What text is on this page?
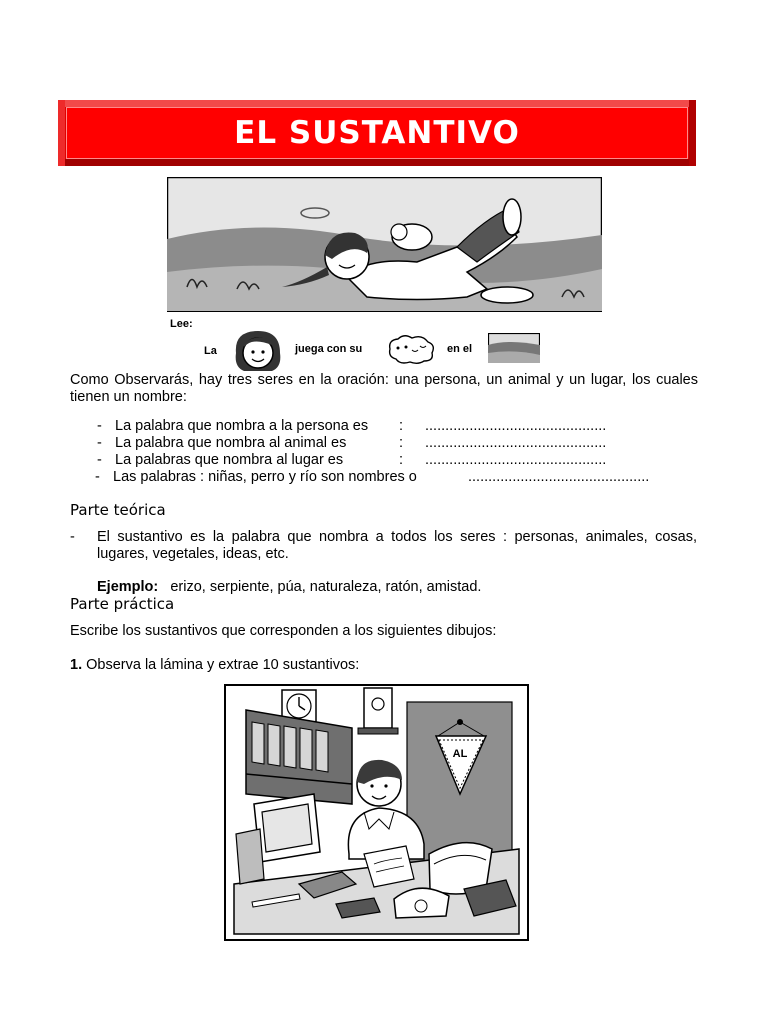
EL SUSTANTIVO
Lee:
La	juega con su	en el
Como Observarás, hay tres seres en la oración: una persona, un animal y un lugar, los cuales tienen un nombre:
- La palabra que nombra a la persona es : .............................................
- La palabra que nombra al animal es	: .............................................
- La palabras que nombra al lugar es	: .............................................
- Las palabras : niñas, perro y río son nombres o	.............................................
Parte teórica
- El sustantivo es la palabra que nombra a todos los seres : personas, animales, cosas, lugares, vegetales, ideas, etc.
Ejemplo: erizo, serpiente, púa, naturaleza, ratón, amistad.
Parte práctica
Escribe los sustantivos que corresponden a los siguientes dibujos:
1. Observa la lámina y extrae 10 sustantivos:
AL
